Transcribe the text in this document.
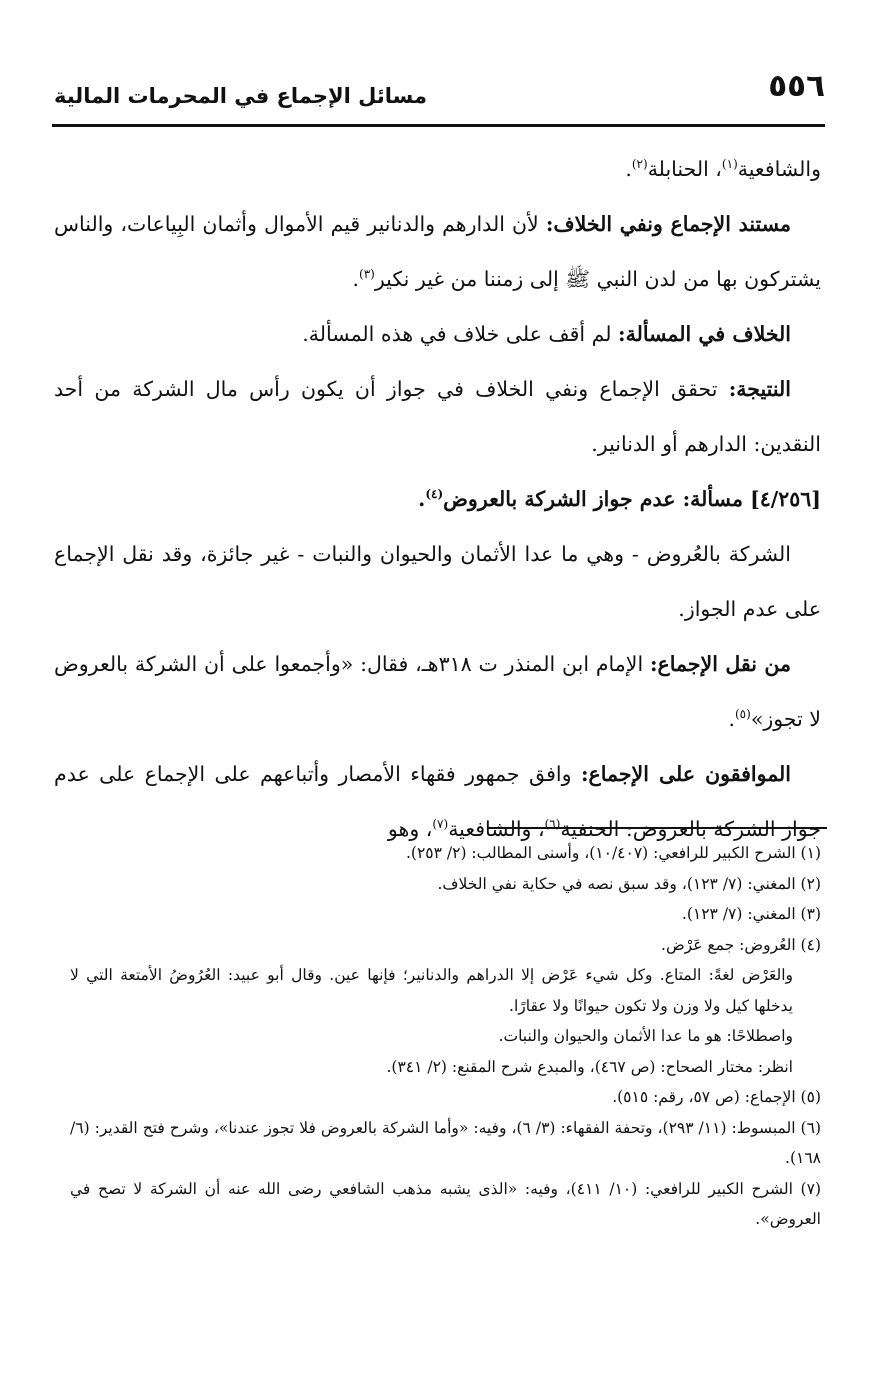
٥٥٦
مسائل الإجماع في المحرمات المالية

والشافعية$^{(١)}$، الحنابلة$^{(٢)}$.

مستند الإجماع ونفي الخلاف: لأن الدارهم والدنانير قيم الأموال وأثمان البِياعات، والناس يشتركون بها من لدن النبي ﷺ إلى زمننا من غير نكير$^{(٣)}$.

الخلاف في المسألة: لم أقف على خلاف في هذه المسألة.

النتيجة: تحقق الإجماع ونفي الخلاف في جواز أن يكون رأس مال الشركة من أحد النقدين: الدارهم أو الدنانير.

[٤/٢٥٦] مسألة: عدم جواز الشركة بالعروض$^{(٤)}$.

الشركة بالعُروض - وهي ما عدا الأثمان والحيوان والنبات - غير جائزة، وقد نقل الإجماع على عدم الجواز.

من نقل الإجماع: الإمام ابن المنذر ت ٣١٨هـ، فقال: «وأجمعوا على أن الشركة بالعروض لا تجوز»$^{(٥)}$.

الموافقون على الإجماع: وافق جمهور فقهاء الأمصار وأتباعهم على الإجماع على عدم جواز الشركة بالعروض: الحنفية$^{(٦)}$، والشافعية$^{(٧)}$، وهو

(١) الشرح الكبير للرافعي: (١٠/٤٠٧)، وأسنى المطالب: (٢/ ٢٥٣).

(٢) المغني: (٧/ ١٢٣)، وقد سبق نصه في حكاية نفي الخلاف.

(٣) المغني: (٧/ ١٢٣).

(٤) العُروض: جمع عَرْض.

والعَرْض لغةً: المتاع. وكل شيء عَرْض إلا الدراهم والدنانير؛ فإنها عين. وقال أبو عبيد: العُرُوضُ الأمتعة التي لا يدخلها كيل ولا وزن ولا تكون حيوانًا ولا عقارًا.

واصطلاحًا: هو ما عدا الأثمان والحيوان والنبات.

انظر: مختار الصحاح: (ص ٤٦٧)، والمبدع شرح المقنع: (٢/ ٣٤١).

(٥) الإجماع: (ص ٥٧، رقم: ٥١٥).

(٦) المبسوط: (١١/ ٢٩٣)، وتحفة الفقهاء: (٣/ ٦)، وفيه: «وأما الشركة بالعروض فلا تجوز عندنا»، وشرح فتح القدير: (٦/ ١٦٨).

(٧) الشرح الكبير للرافعي: (١٠/ ٤١١)، وفيه: «الذى يشبه مذهب الشافعي رضى الله عنه أن الشركة لا تصح في العروض».
